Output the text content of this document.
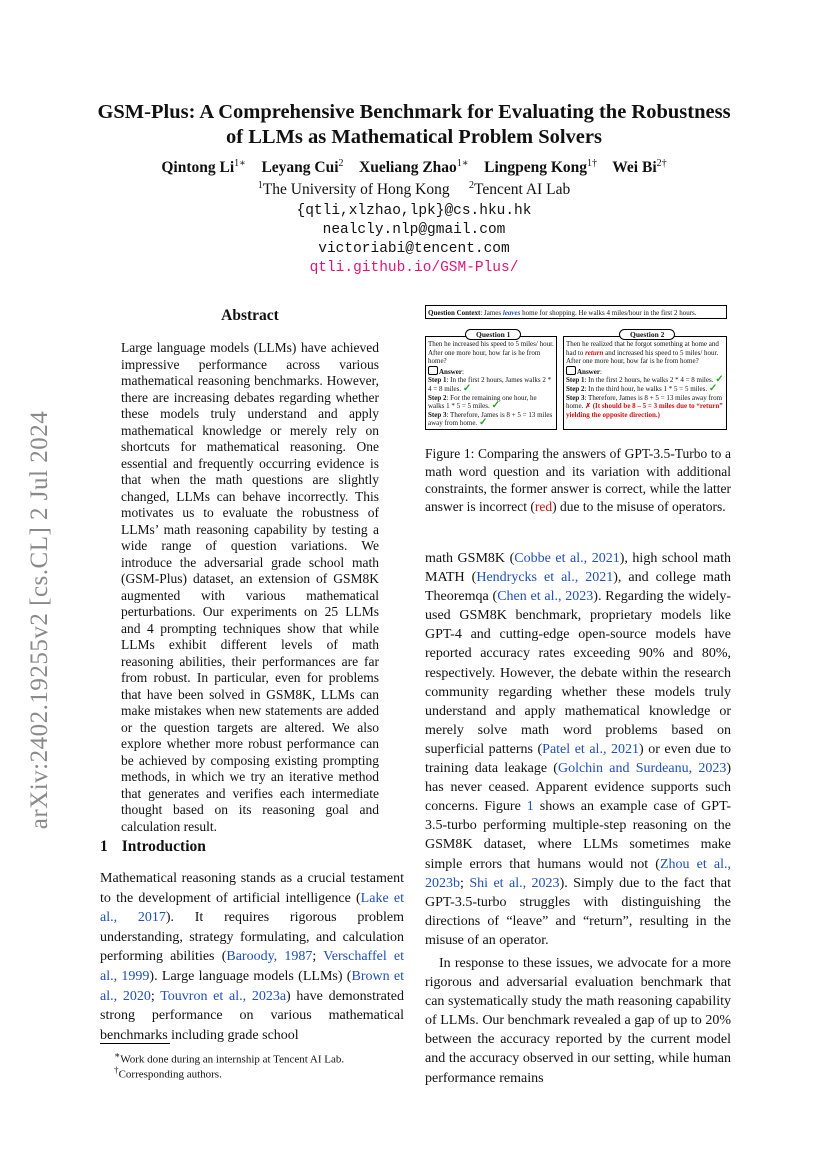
arXiv:2402.19255v2 [cs.CL] 2 Jul 2024
GSM-Plus: A Comprehensive Benchmark for Evaluating the Robustness
of LLMs as Mathematical Problem Solvers
Qintong $Li^{1∗}$ Leyang Cui$^2$ Xueliang Zhao$^{1∗}$ Lingpeng Kong$^{1\dagger}$ Wei $Bi^{2\dagger}$
$^1$The University of Hong Kong $^2$Tencent AI Lab
{qtli,xlzhao,lpk}@cs.hku.hk
nealcly.nlp@gmail.com
victoriabi@tencent.com
qtli.github.io/GSM-Plus/
Abstract
Large language models (LLMs) have achieved impressive performance across various mathematical reasoning benchmarks. However, there are increasing debates regarding whether these models truly understand and apply mathematical knowledge or merely rely on shortcuts for mathematical reasoning. One essential and frequently occurring evidence is that when the math questions are slightly changed, LLMs can behave incorrectly. This motivates us to evaluate the robustness of LLMs’ math reasoning capability by testing a wide range of question variations. We introduce the adversarial grade school math (GSM-Plus) dataset, an extension of GSM8K augmented with various mathematical perturbations. Our experiments on 25 LLMs and 4 prompting techniques show that while LLMs exhibit different levels of math reasoning abilities, their performances are far from robust. In particular, even for problems that have been solved in GSM8K, LLMs can make mistakes when new statements are added or the question targets are altered. We also explore whether more robust performance can be achieved by composing existing prompting methods, in which we try an iterative method that generates and verifies each intermediate thought based on its reasoning goal and calculation result.
1 Introduction

Mathematical reasoning stands as a crucial testament to the development of artificial intelligence (Lake et al., 2017). It requires rigorous problem understanding, strategy formulating, and calculation performing abilities (Baroody, 1987; Verschaffel et al., 1999). Large language models (LLMs) (Brown et al., 2020; Touvron et al., 2023a) have demonstrated strong performance on various mathematical benchmarks including grade school

∗Work done during an internship at Tencent AI Lab.
†Corresponding authors.
Question Context: James leaves home for shopping. He walks 4 miles/hour in the first 2 hours.
Question 1	Question 2
Then he increased his speed to 5 miles/ hour. After one more hour, how far is he from home?
Answer:
Step 1: In the first 2 hours, James walks 2 * 4 = 8 miles. ✓
Step 2: For the remaining one hour, he walks 1 * 5 = 5 miles. ✓
Step 3: Therefore, James is 8 + 5 = 13 miles away from home. ✓
Then he realized that he forgot something at home and had to return and increased his speed to 5 miles/ hour. After one more hour, how far is he from home?
Answer:
Step 1: In the first 2 hours, he walks 2 * 4 = 8 miles. ✓
Step 2: In the third hour, he walks 1 * 5 = 5 miles. ✓
Step 3: Therefore, James is 8 + 5 = 13 miles away from home. ✗ (It should be 8 – 5 = 3 miles due to “return” yielding the opposite direction.)
Figure 1: Comparing the answers of GPT-3.5-Turbo to a math word question and its variation with additional constraints, the former answer is correct, while the latter answer is incorrect (red) due to the misuse of operators.

math GSM8K (Cobbe et al., 2021), high school math MATH (Hendrycks et al., 2021), and college math Theoremqa (Chen et al., 2023). Regarding the widely-used GSM8K benchmark, proprietary models like GPT-4 and cutting-edge open-source models have reported accuracy rates exceeding 90% and 80%, respectively. However, the debate within the research community regarding whether these models truly understand and apply mathematical knowledge or merely solve math word problems based on superficial patterns (Patel et al., 2021) or even due to training data leakage (Golchin and Surdeanu, 2023) has never ceased. Apparent evidence supports such concerns. Figure 1 shows an example case of GPT-3.5-turbo performing multiple-step reasoning on the GSM8K dataset, where LLMs sometimes make simple errors that humans would not (Zhou et al., 2023b; Shi et al., 2023). Simply due to the fact that GPT-3.5-turbo struggles with distinguishing the directions of “leave” and “return”, resulting in the misuse of an operator.

In response to these issues, we advocate for a more rigorous and adversarial evaluation benchmark that can systematically study the math reasoning capability of LLMs. Our benchmark revealed a gap of up to 20% between the accuracy reported by the current model and the accuracy observed in our setting, while human performance remains
